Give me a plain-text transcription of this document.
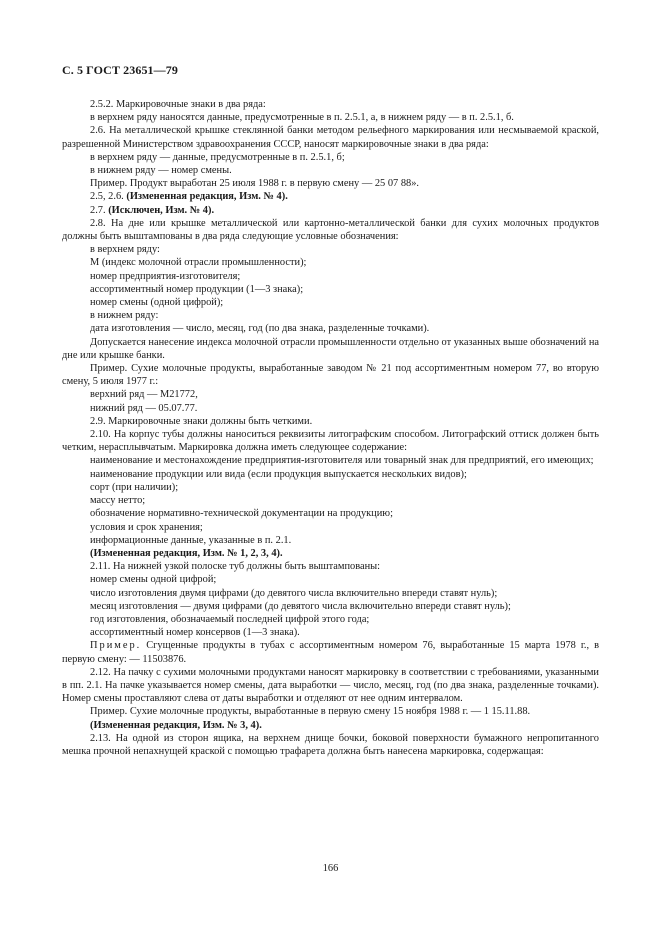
С. 5 ГОСТ 23651—79

2.5.2. Маркировочные знаки в два ряда:

в верхнем ряду наносятся данные, предусмотренные в п. 2.5.1, а, в нижнем ряду — в п. 2.5.1, б.

2.6. На металлической крышке стеклянной банки методом рельефного маркирования или несмываемой краской, разрешенной Министерством здравоохранения СССР, наносят маркировочные знаки в два ряда:

в верхнем ряду — данные, предусмотренные в п. 2.5.1, б;

в нижнем ряду — номер смены.

Пример. Продукт выработан 25 июля 1988 г. в первую смену — 25 07 88».

2.5, 2.6. (Измененная редакция, Изм. № 4).

2.7. (Исключен, Изм. № 4).

2.8. На дне или крышке металлической или картонно-металлической банки для сухих молочных продуктов должны быть выштампованы в два ряда следующие условные обозначения:

в верхнем ряду:

М (индекс молочной отрасли промышленности);

номер предприятия-изготовителя;

ассортиментный номер продукции (1—3 знака);

номер смены (одной цифрой);

в нижнем ряду:

дата изготовления — число, месяц, год (по два знака, разделенные точками).

Допускается нанесение индекса молочной отрасли промышленности отдельно от указанных выше обозначений на дне или крышке банки.

Пример. Сухие молочные продукты, выработанные заводом № 21 под ассортиментным номером 77, во вторую смену, 5 июля 1977 г.:

верхний ряд — М21772,

нижний ряд — 05.07.77.

2.9. Маркировочные знаки должны быть четкими.

2.10. На корпус тубы должны наноситься реквизиты литографским способом. Литографский оттиск должен быть четким, нерасплывчатым. Маркировка должна иметь следующее содержание:

наименование и местонахождение предприятия-изготовителя или товарный знак для предприятий, его имеющих;

наименование продукции или вида (если продукция выпускается нескольких видов);

сорт (при наличии);

массу нетто;

обозначение нормативно-технической документации на продукцию;

условия и срок хранения;

информационные данные, указанные в п. 2.1.

(Измененная редакция, Изм. № 1, 2, 3, 4).

2.11. На нижней узкой полоске туб должны быть выштампованы:

номер смены одной цифрой;

число изготовления двумя цифрами (до девятого числа включительно впереди ставят нуль);

месяц изготовления — двумя цифрами (до девятого числа включительно впереди ставят нуль);

год изготовления, обозначаемый последней цифрой этого года;

ассортиментный номер консервов (1—3 знака).

Пример. Сгущенные продукты в тубах с ассортиментным номером 76, выработанные 15 марта 1978 г., в первую смену: — 11503876.

2.12. На пачку с сухими молочными продуктами наносят маркировку в соответствии с требованиями, указанными в пп. 2.1. На пачке указывается номер смены, дата выработки — число, месяц, год (по два знака, разделенные точками). Номер смены проставляют слева от даты выработки и отделяют от нее одним интервалом.

Пример. Сухие молочные продукты, выработанные в первую смену 15 ноября 1988 г. — 1 15.11.88.

(Измененная редакция, Изм. № 3, 4).

2.13. На одной из сторон ящика, на верхнем днище бочки, боковой поверхности бумажного непропитанного мешка прочной непахнущей краской с помощью трафарета должна быть нанесена маркировка, содержащая:

166
